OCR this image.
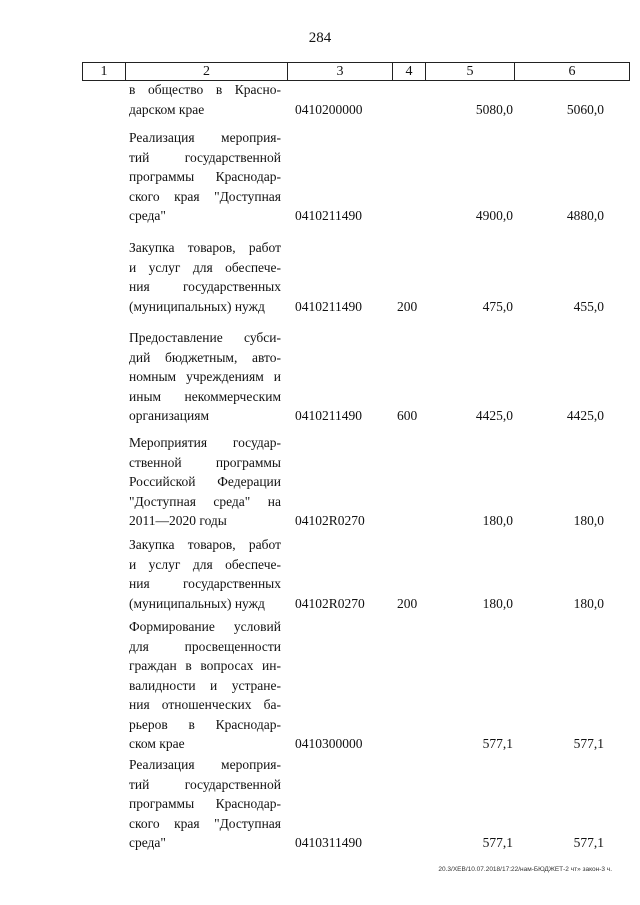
284
1	2	3	4	5	6
в общество в Красно-
дарском крае	0410200000	5080,0	5060,0
Реализация мероприя-
тий государственной
программы Краснодар-
ского края "Доступная
среда"	0410211490	4900,0	4880,0
Закупка товаров, работ
и услуг для обеспече-
ния государственных
(муниципальных) нужд	0410211490	200	475,0	455,0
Предоставление субси-
дий бюджетным, авто-
номным учреждениям и
иным некоммерческим
организациям	0410211490	600	4425,0	4425,0
Мероприятия государ-
ственной программы
Российской Федерации
"Доступная среда" на
2011—2020 годы	04102R0270	180,0	180,0
Закупка товаров, работ
и услуг для обеспече-
ния государственных
(муниципальных) нужд	04102R0270 200	180,0	180,0
Формирование условий
для просвещенности
граждан в вопросах ин-
валидности и устране-
ния отношенческих ба-
рьеров в Краснодар-
ском крае	0410300000	577,1	577,1
Реализация мероприя-
тий государственной
программы Краснодар-
ского края "Доступная
среда"	0410311490	577,1	577,1
20.3/XEB/10.07.2018/17:22/нам-БЮДЖЕТ-2 чт» закон-3 ч.
